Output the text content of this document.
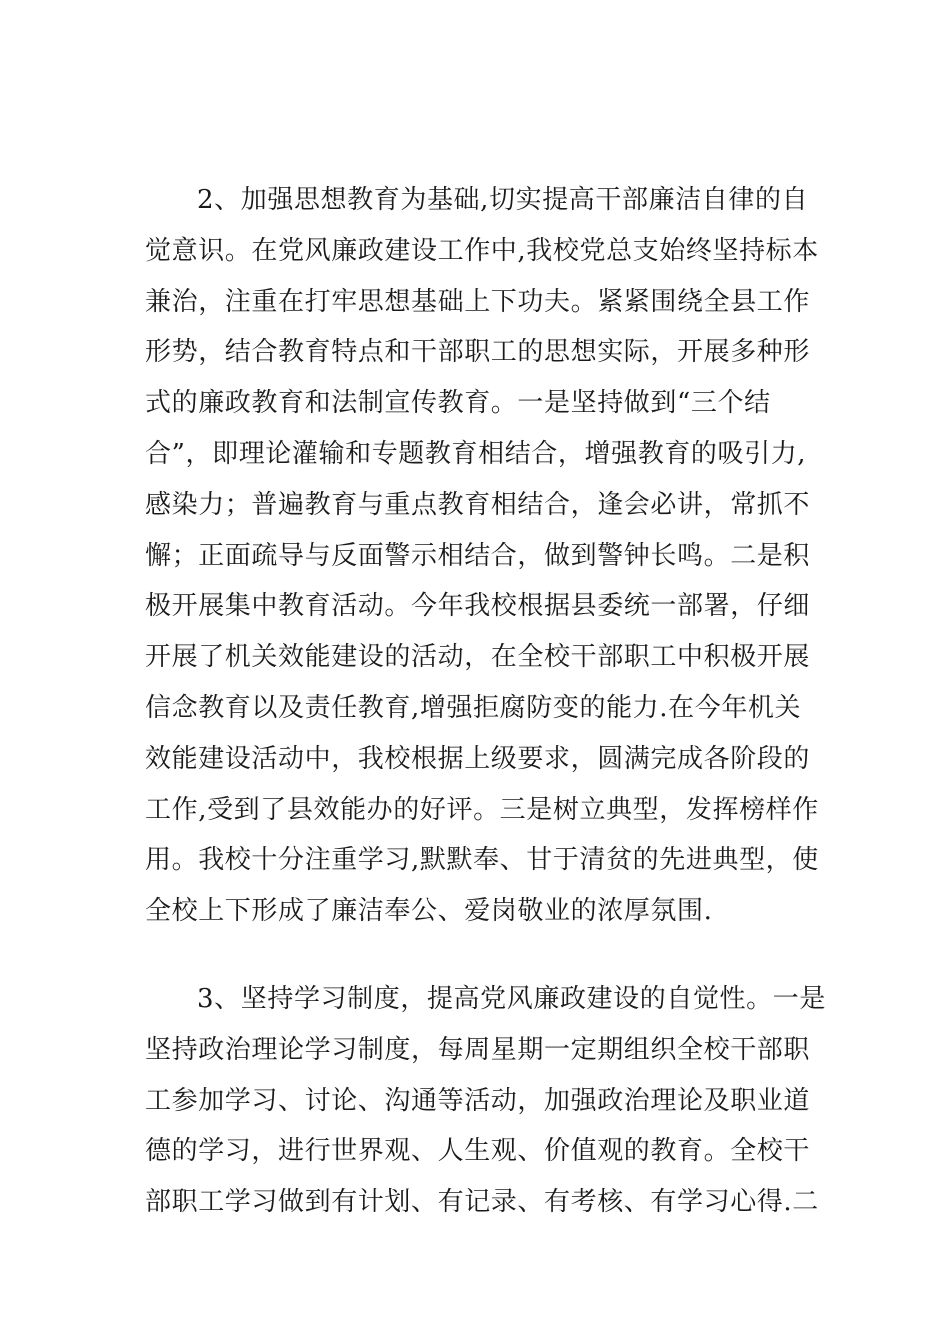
2、加强思想教育为基础,切实提高干部廉洁自律的自
觉意识。在党风廉政建设工作中,我校党总支始终坚持标本
兼治，注重在打牢思想基础上下功夫。紧紧围绕全县工作
形势，结合教育特点和干部职工的思想实际，开展多种形
式的廉政教育和法制宣传教育。一是坚持做到“三个结
合”，即理论灌输和专题教育相结合，增强教育的吸引力,
感染力；普遍教育与重点教育相结合，逢会必讲，常抓不
懈；正面疏导与反面警示相结合，做到警钟长鸣。二是积
极开展集中教育活动。今年我校根据县委统一部署，仔细
开展了机关效能建设的活动，在全校干部职工中积极开展
信念教育以及责任教育,增强拒腐防变的能力.在今年机关
效能建设活动中，我校根据上级要求，圆满完成各阶段的
工作,受到了县效能办的好评。三是树立典型，发挥榜样作
用。我校十分注重学习,默默奉、甘于清贫的先进典型，使
全校上下形成了廉洁奉公、爱岗敬业的浓厚氛围.
3、坚持学习制度，提高党风廉政建设的自觉性。一是
坚持政治理论学习制度，每周星期一定期组织全校干部职
工参加学习、讨论、沟通等活动，加强政治理论及职业道
德的学习，进行世界观、人生观、价值观的教育。全校干
部职工学习做到有计划、有记录、有考核、有学习心得.二
